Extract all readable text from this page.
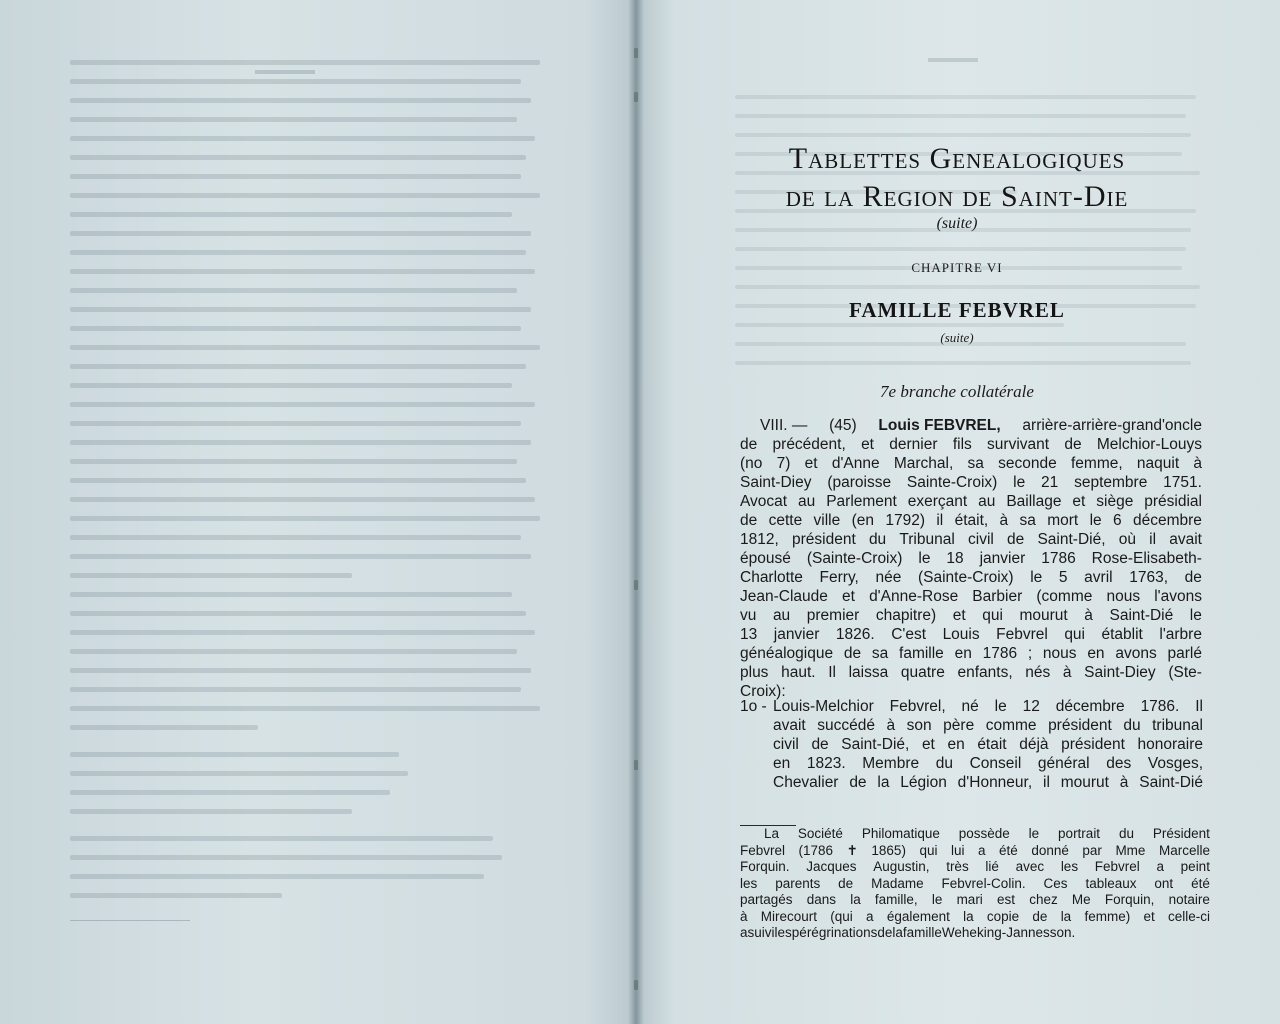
Tablettes Genealogiques
de la Region de Saint-Die
(suite)
CHAPITRE VI
FAMILLE FEBVREL
(suite)
7e branche collatérale
VIII. — (45) Louis FEBVREL, arrière-arrière-grand'oncle
de précédent, et dernier fils survivant de Melchior-Louys
(no 7) et d'Anne Marchal, sa seconde femme, naquit à
Saint-Diey (paroisse Sainte-Croix) le 21 septembre 1751.
Avocat au Parlement exerçant au Baillage et siège présidial
de cette ville (en 1792) il était, à sa mort le 6 décembre
1812, président du Tribunal civil de Saint-Dié, où il avait
épousé (Sainte-Croix) le 18 janvier 1786 Rose-Elisabeth-
Charlotte Ferry, née (Sainte-Croix) le 5 avril 1763, de
Jean-Claude et d'Anne-Rose Barbier (comme nous l'avons
vu au premier chapitre) et qui mourut à Saint-Dié le
13 janvier 1826. C'est Louis Febvrel qui établit l'arbre
généalogique de sa famille en 1786 ; nous en avons parlé
plus haut. Il laissa quatre enfants, nés à Saint-Diey (Ste-
Croix) :
1o - Louis-Melchior Febvrel, né le 12 décembre 1786. Il
avait succédé à son père comme président du tribunal
civil de Saint-Dié, et en était déjà président honoraire
en 1823. Membre du Conseil général des Vosges,
Chevalier de la Légion d'Honneur, il mourut à Saint-Dié
La Société Philomatique possède le portrait du Président
Febvrel (1786 ✝ 1865) qui lui a été donné par Mme Marcelle
Forquin. Jacques Augustin, très lié avec les Febvrel a peint
les parents de Madame Febvrel-Colin. Ces tableaux ont été
partagés dans la famille, le mari est chez Me Forquin, notaire
à Mirecourt (qui a également la copie de la femme) et celle-ci
a suivi les pérégrinations de la famille Weheking-Jannesson.
